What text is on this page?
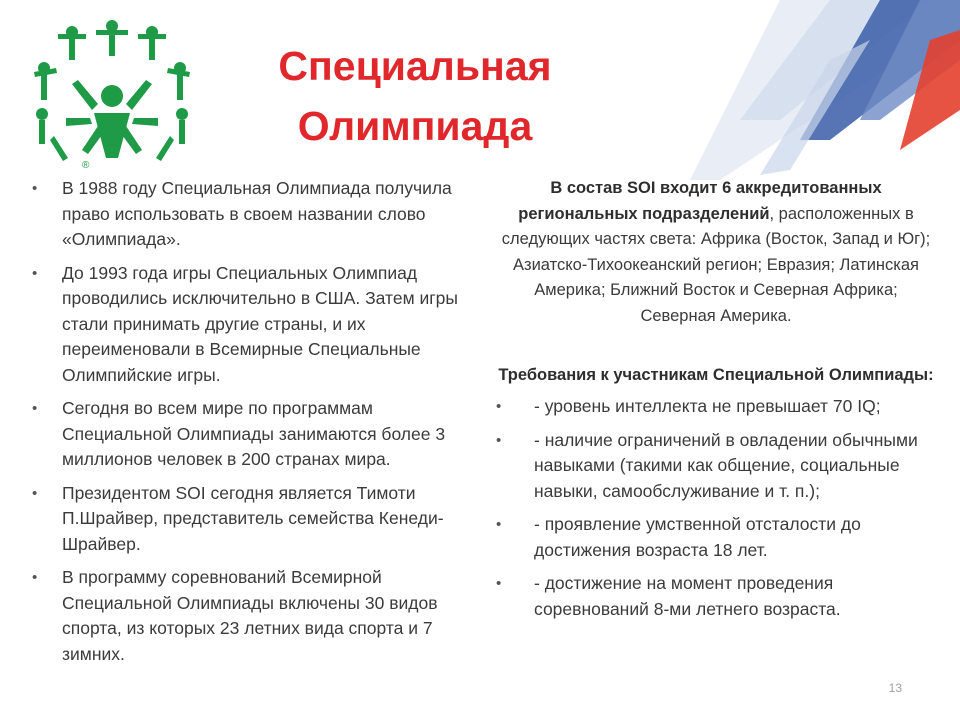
®
Специальная
Олимпиада
• В 1988 году Специальная Олимпиада получила право использовать в своем названии слово «Олимпиада».
• До 1993 года игры Специальных Олимпиад проводились исключительно в США. Затем игры стали принимать другие страны, и их переименовали в Всемирные Специальные Олимпийские игры.
• Сегодня во всем мире по программам Специальной Олимпиады занимаются более 3 миллионов человек в 200 странах мира.
• Президентом SOI сегодня является Тимоти П.Шрайвер, представитель семейства Кенеди-Шрайвер.
• В программу соревнований Всемирной Специальной Олимпиады включены 30 видов спорта, из которых 23 летних вида спорта и 7 зимних.

В состав SOI входит 6 аккредитованных региональных подразделений, расположенных в следующих частях света: Африка (Восток, Запад и Юг); Азиатско-Тихоокеанский регион; Евразия; Латинская Америка; Ближний Восток и Северная Африка; Северная Америка.

Требования к участникам Специальной Олимпиады:
• - уровень интеллекта не превышает 70 IQ;
• - наличие ограничений в овладении обычными навыками (такими как общение, социальные навыки, самообслуживание и т. п.);
• - проявление умственной отсталости до достижения возраста 18 лет.
• - достижение на момент проведения соревнований 8-ми летнего возраста.
13
